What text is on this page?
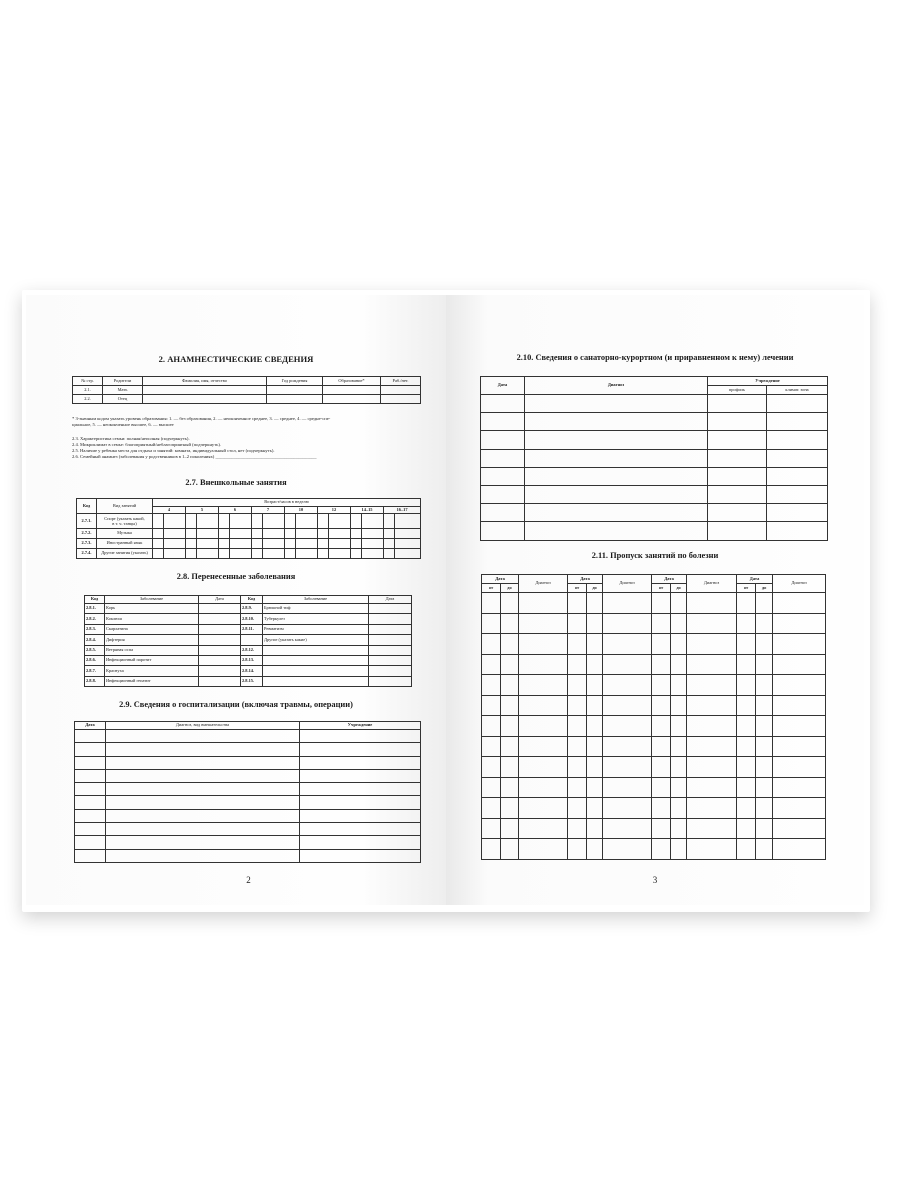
2. АНАМНЕСТИЧЕСКИЕ СВЕДЕНИЯ
№ стр.	Родители	Фамилия, имя, отчество	Год рождения	Образование*	Раб./нет.
2.1.	Мать				
2.2.	Отец				
* 3-значным кодом указать уровень образования: 1. — без образования, 2. — неоконченное среднее, 3. — среднее, 4. — средне-спе-
циальное, 5. — неоконченное высшее, 6. — высшее
2.3. Характеристика семьи: полная/неполная (подчеркнуть).
2.4. Микроклимат в семье: благоприятный/неблагоприятный (подчеркнуть).
2.5. Наличие у ребенка места для отдыха и занятий: комната, индивидуальный стол, нет (подчеркнуть).
2.6. Семейный анамнез (заболевания у родственников в 1–2 поколениях) ____________________________________________
2.7. Внешкольные занятия
Код	Вид занятий	Возраст/часов в неделю															
		4		5		6		7		10		12		14–15		16–17	
2.7.1.	Спорт (указать какой,
в т. ч. танцы)																
2.7.2.	Музыка																
2.7.3.	Иностранный язык																
2.7.4.	Другие занятия (указать)																
2.8. Перенесенные заболевания
Код	Заболевание	Дата	Код	Заболевание	Дата
2.8.1.	Корь		2.8.9.	Брюшной тиф	
2.8.2.	Коклюш		2.8.10.	Туберкулез	
2.8.3.	Скарлатина		2.8.11.	Ревматизм	
2.8.4.	Дифтерия			Другие (указать какие)	
2.8.5.	Ветряная оспа		2.8.12.		
2.8.6.	Инфекционный паротит		2.8.13.		
2.8.7.	Краснуха		2.8.14.		
2.8.8.	Инфекционный гепатит		2.8.15.		
2.9. Сведения о госпитализации (включая травмы, операции)
Дата	Диагноз, вид вмешательства	Учреждение

2
2.10. Сведения о санаторно-курортном (и приравненном к нему) лечении
Дата	Диагноз	Учреждение	
		профиль	климат. зона

2.11. Пропуск занятий по болезни
Дата		Диагноз	Дата		Диагноз	Дата		Диагноз	Дата		Диагноз
от	до		от	до		от	до		от	до	

3
